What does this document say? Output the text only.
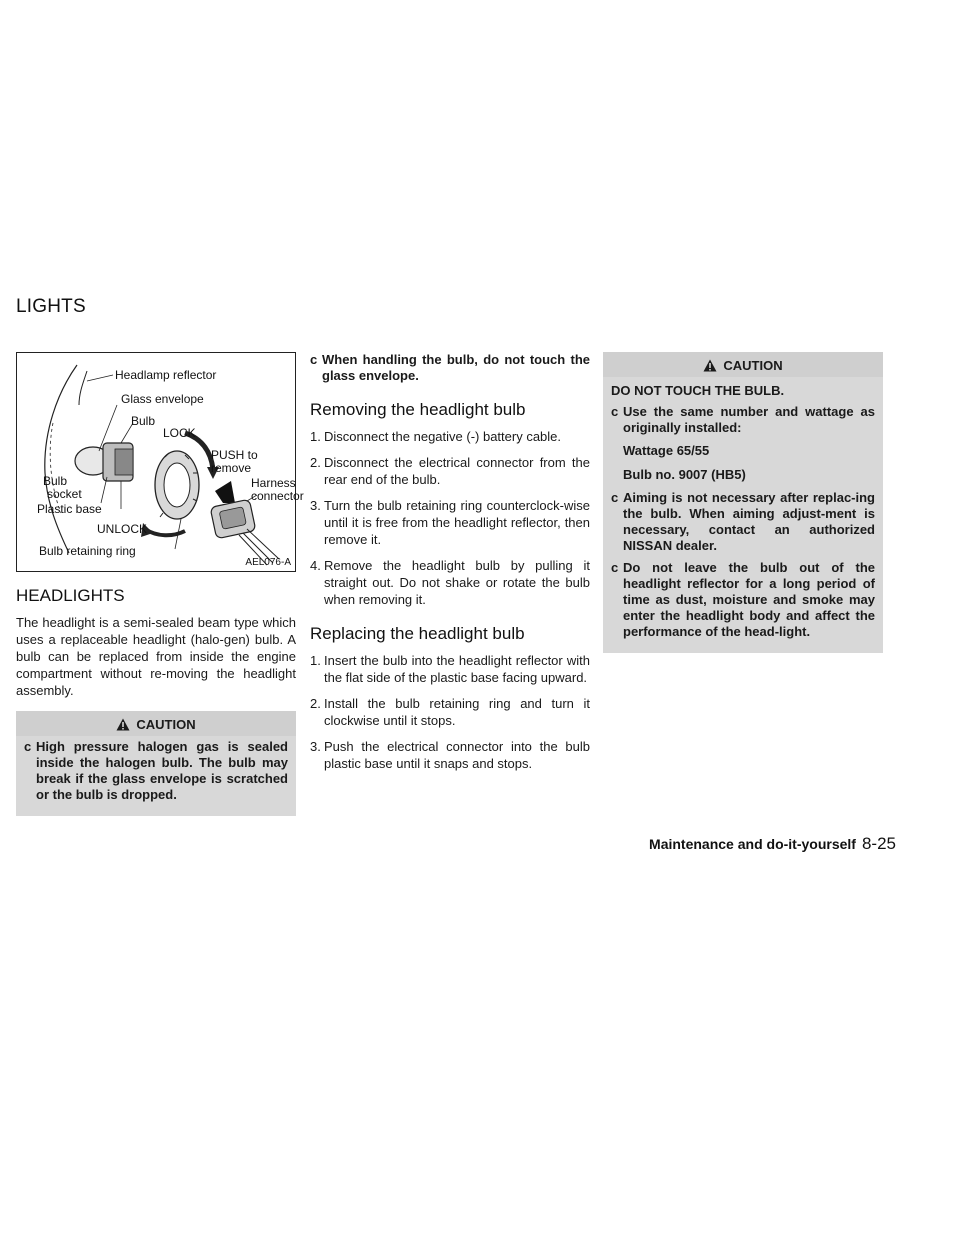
LIGHTS
Headlamp reflector
Glass envelope
Bulb
LOCK
PUSH to
remove
Harness
connector
Bulb
socket
Plastic base
UNLOCK
Bulb retaining ring
AEL076-A
HEADLIGHTS

The headlight is a semi-sealed beam type which uses a replaceable headlight (halo-gen) bulb. A bulb can be replaced from inside the engine compartment without re-moving the headlight assembly.

CAUTION
c High pressure halogen gas is sealed inside the halogen bulb. The bulb may break if the glass envelope is scratched or the bulb is dropped.
c When handling the bulb, do not touch the glass envelope.
Removing the headlight bulb
1. Disconnect the negative (-) battery cable.
2. Disconnect the electrical connector from the rear end of the bulb.
3. Turn the bulb retaining ring counterclock-wise until it is free from the headlight reflector, then remove it.
4. Remove the headlight bulb by pulling it straight out. Do not shake or rotate the bulb when removing it.
Replacing the headlight bulb
1. Insert the bulb into the headlight reflector with the flat side of the plastic base facing upward.
2. Install the bulb retaining ring and turn it clockwise until it stops.
3. Push the electrical connector into the bulb plastic base until it snaps and stops.
CAUTION
DO NOT TOUCH THE BULB.
c Use the same number and wattage as originally installed:
Wattage 65/55
Bulb no. 9007 (HB5)
c Aiming is not necessary after replac-ing the bulb. When aiming adjust-ment is necessary, contact an authorized NISSAN dealer.
c Do not leave the bulb out of the headlight reflector for a long period of time as dust, moisture and smoke may enter the headlight body and affect the performance of the head-light.
Maintenance and do-it-yourself 8-25
